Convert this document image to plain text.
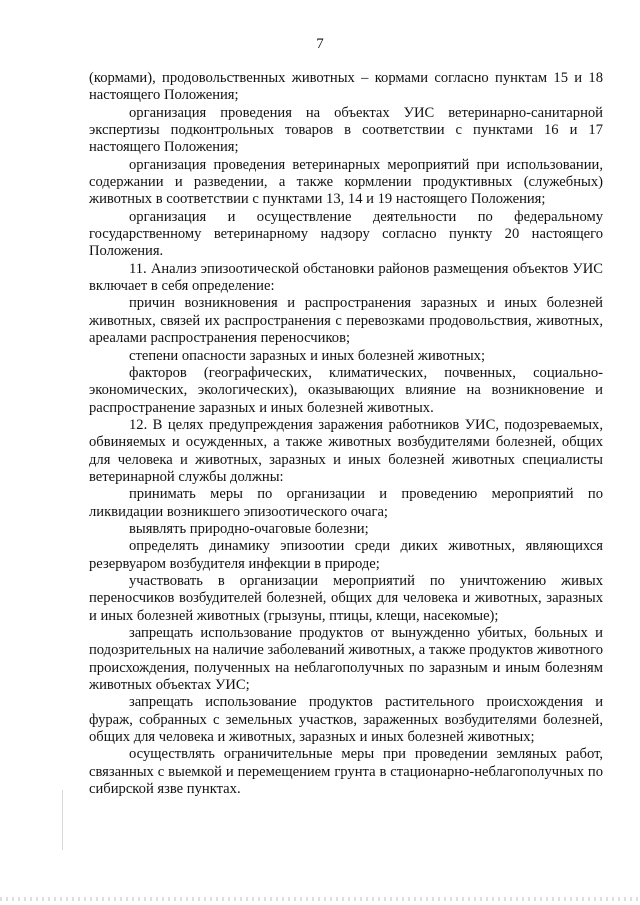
7

(кормами), продовольственных животных – кормами согласно пунктам 15 и 18 настоящего Положения;

организация проведения на объектах УИС ветеринарно-санитарной экспертизы подконтрольных товаров в соответствии с пунктами 16 и 17 настоящего Положения;

организация проведения ветеринарных мероприятий при использовании, содержании и разведении, а также кормлении продуктивных (служебных) животных в соответствии с пунктами 13, 14 и 19 настоящего Положения;

организация и осуществление деятельности по федеральному государственному ветеринарному надзору согласно пункту 20 настоящего Положения.

11. Анализ эпизоотической обстановки районов размещения объектов УИС включает в себя определение:

причин возникновения и распространения заразных и иных болезней животных, связей их распространения с перевозками продовольствия, животных, ареалами распространения переносчиков;

степени опасности заразных и иных болезней животных;

факторов (географических, климатических, почвенных, социально-экономических, экологических), оказывающих влияние на возникновение и распространение заразных и иных болезней животных.

12. В целях предупреждения заражения работников УИС, подозреваемых, обвиняемых и осужденных, а также животных возбудителями болезней, общих для человека и животных, заразных и иных болезней животных специалисты ветеринарной службы должны:

принимать меры по организации и проведению мероприятий по ликвидации возникшего эпизоотического очага;

выявлять природно-очаговые болезни;

определять динамику эпизоотии среди диких животных, являющихся резервуаром возбудителя инфекции в природе;

участвовать в организации мероприятий по уничтожению живых переносчиков возбудителей болезней, общих для человека и животных, заразных и иных болезней животных (грызуны, птицы, клещи, насекомые);

запрещать использование продуктов от вынужденно убитых, больных и подозрительных на наличие заболеваний животных, а также продуктов животного происхождения, полученных на неблагополучных по заразным и иным болезням животных объектах УИС;

запрещать использование продуктов растительного происхождения и фураж, собранных с земельных участков, зараженных возбудителями болезней, общих для человека и животных, заразных и иных болезней животных;

осуществлять ограничительные меры при проведении земляных работ, связанных с выемкой и перемещением грунта в стационарно-неблагополучных по сибирской язве пунктах.
